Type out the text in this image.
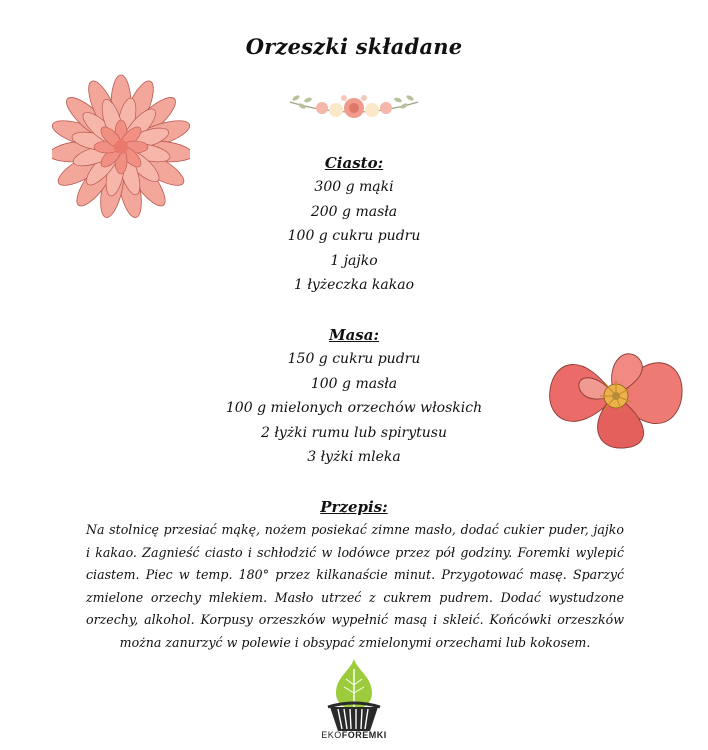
Orzeszki składane
Ciasto:
300 g mąki
200 g masła
100 g cukru pudru
1 jajko
1 łyżeczka kakao
Masa:
150 g cukru pudru
100 g masła
100 g mielonych orzechów włoskich
2 łyżki rumu lub spirytusu
3 łyżki mleka
Przepis:
Na stolnicę przesiać mąkę, nożem posiekać zimne masło, dodać cukier puder, jajko i kakao. Zagnieść ciasto i schłodzić w lodówce przez pół godziny. Foremki wylepić ciastem. Piec w temp. 180° przez kilkanaście minut. Przygotować masę. Sparzyć zmielone orzechy mlekiem. Masło utrzeć z cukrem pudrem. Dodać wystudzone orzechy, alkohol. Korpusy orzeszków wypełnić masą i skleić. Końcówki orzeszków można zanurzyć w polewie i obsypać zmielonymi orzechami lub kokosem.
EKOFOREMKI
